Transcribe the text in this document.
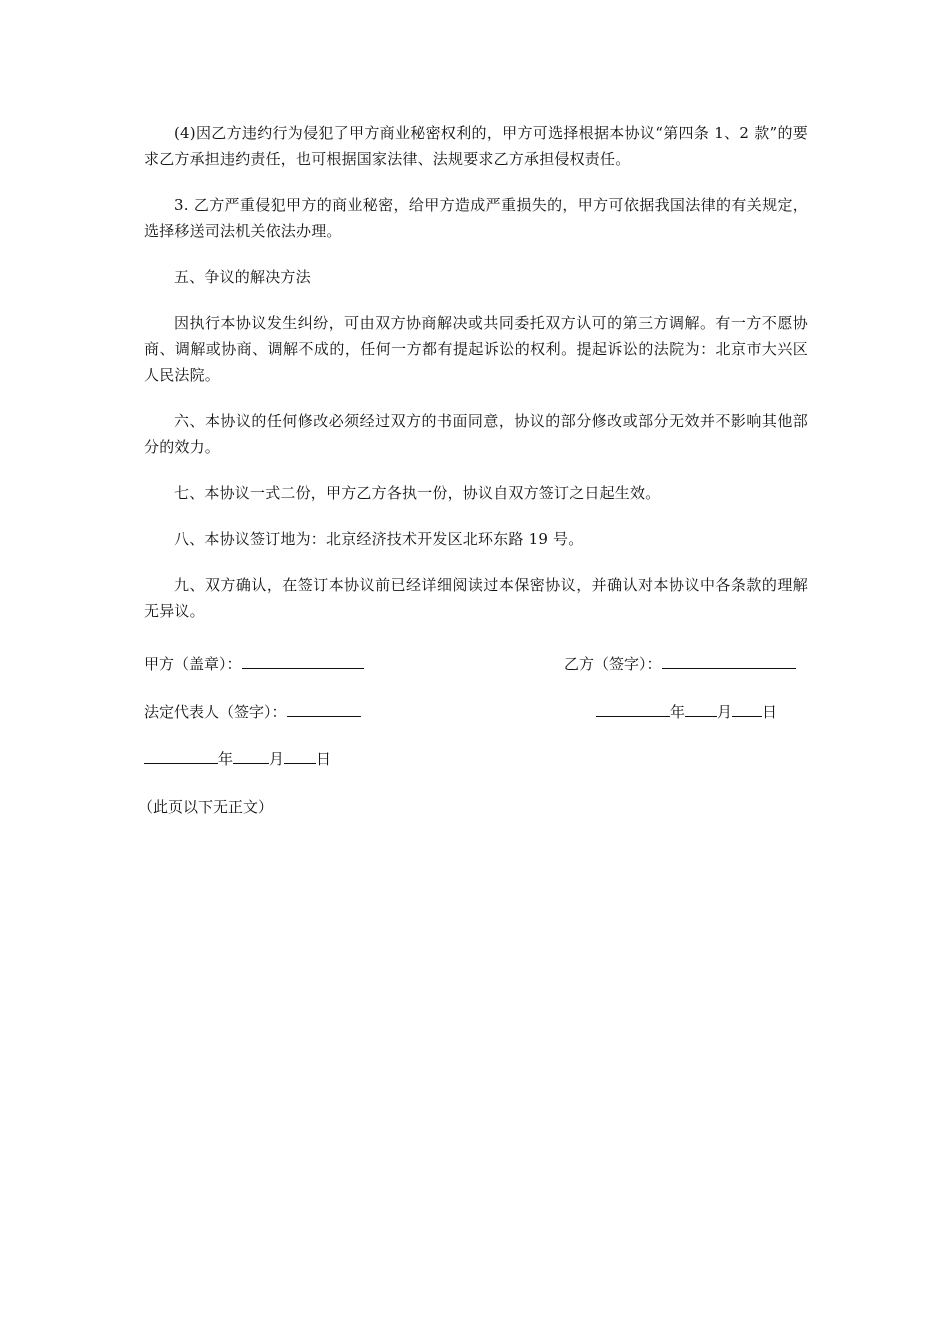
(4)因乙方违约行为侵犯了甲方商业秘密权利的，甲方可选择根据本协议“第四条 1、2 款”的要求乙方承担违约责任，也可根据国家法律、法规要求乙方承担侵权责任。

3. 乙方严重侵犯甲方的商业秘密，给甲方造成严重损失的，甲方可依据我国法律的有关规定，选择移送司法机关依法办理。

五、争议的解决方法

因执行本协议发生纠纷，可由双方协商解决或共同委托双方认可的第三方调解。有一方不愿协商、调解或协商、调解不成的，任何一方都有提起诉讼的权利。提起诉讼的法院为：北京市大兴区人民法院。

六、本协议的任何修改必须经过双方的书面同意，协议的部分修改或部分无效并不影响其他部分的效力。

七、本协议一式二份，甲方乙方各执一份，协议自双方签订之日起生效。

八、本协议签订地为：北京经济技术开发区北环东路 19 号。

九、双方确认，在签订本协议前已经详细阅读过本保密协议，并确认对本协议中各条款的理解无异议。

甲方（盖章）：	乙方（签字）：
法定代表人（签字）：	年 月 日
年 月 日
（此页以下无正文）
